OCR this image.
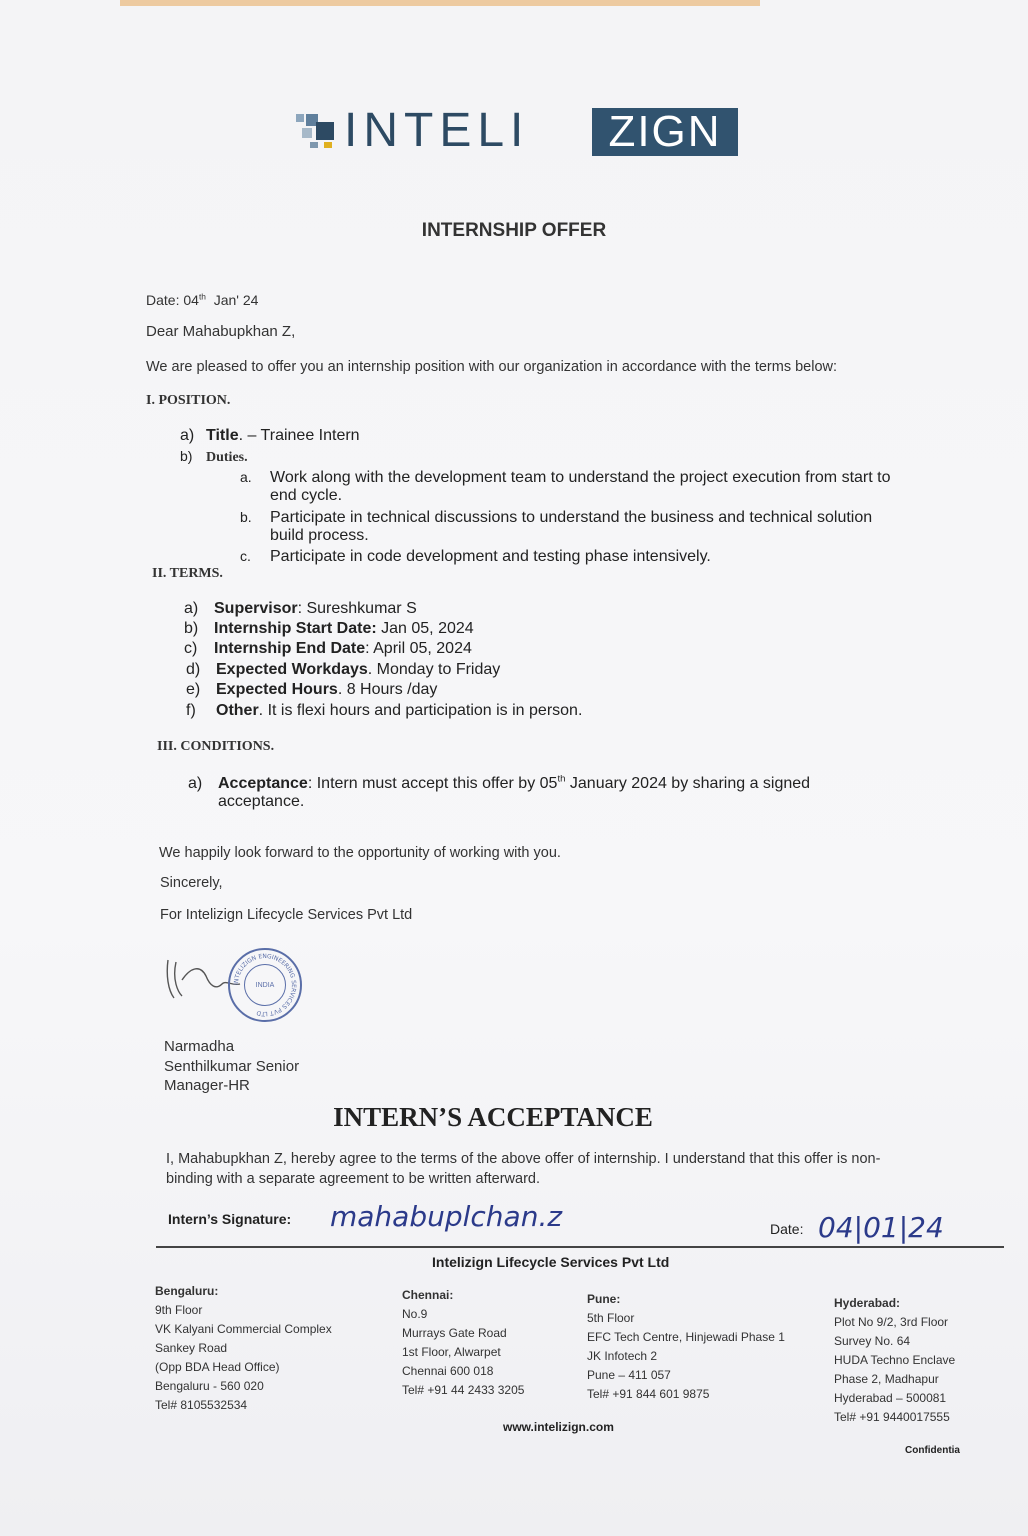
INTELI	ZIGN
INTERNSHIP OFFER
Date: 04th Jan' 24
Dear Mahabupkhan Z,
We are pleased to offer you an internship position with our organization in accordance with the terms below:
I. POSITION.
a) Title. – Trainee Intern
b) Duties.
a. Work along with the development team to understand the project execution from start to
end cycle.
b. Participate in technical discussions to understand the business and technical solution
build process.
c. Participate in code development and testing phase intensively.
II. TERMS.
a) Supervisor: Sureshkumar S
b) Internship Start Date: Jan 05, 2024
c) Internship End Date: April 05, 2024
d) Expected Workdays. Monday to Friday
e) Expected Hours. 8 Hours /day
f) Other. It is flexi hours and participation is in person.
III. CONDITIONS.
a) Acceptance: Intern must accept this offer by 05th January 2024 by sharing a signed
acceptance.
We happily look forward to the opportunity of working with you.
Sincerely,
For Intelizign Lifecycle Services Pvt Ltd
INDIA
INTELIZIGN ENGINEERING SERVICES PVT LTD
Narmadha
Senthilkumar Senior
Manager-HR
INTERN’S ACCEPTANCE
I, Mahabupkhan Z, hereby agree to the terms of the above offer of internship. I understand that this offer is non-
binding with a separate agreement to be written afterward.
Intern’s Signature: mahabuplchan.z	Date: 04|01|24
Intelizign Lifecycle Services Pvt Ltd
Bengaluru:
9th Floor
VK Kalyani Commercial Complex
Sankey Road
(Opp BDA Head Office)
Bengaluru - 560 020
Tel# 8105532534
Chennai:
No.9
Murrays Gate Road
1st Floor, Alwarpet
Chennai 600 018
Tel# +91 44 2433 3205
Pune:
5th Floor
EFC Tech Centre, Hinjewadi Phase 1
JK Infotech 2
Pune – 411 057
Tel# +91 844 601 9875
Hyderabad:
Plot No 9/2, 3rd Floor
Survey No. 64
HUDA Techno Enclave
Phase 2, Madhapur
Hyderabad – 500081
Tel# +91 9440017555
www.intelizign.com
Confidentia
